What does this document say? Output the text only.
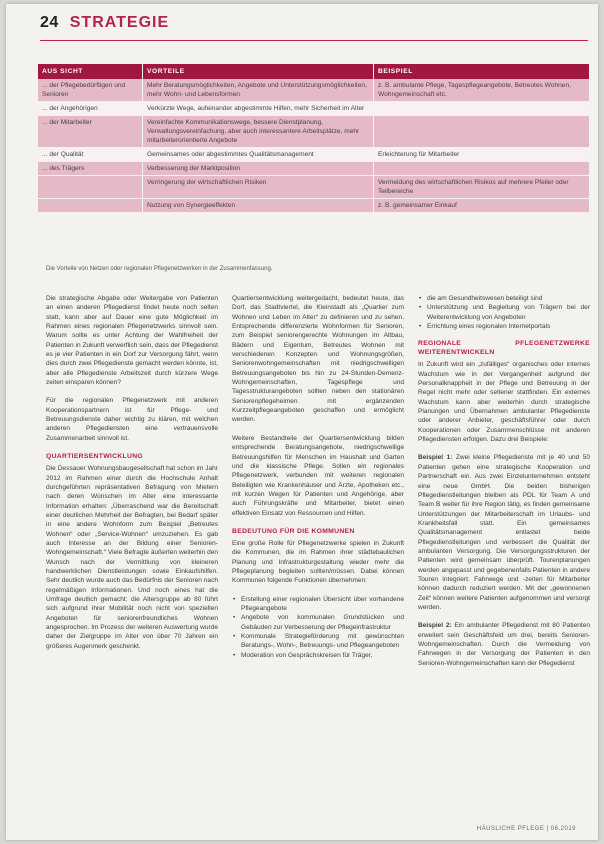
24 STRATEGIE
AUS SICHT	VORTEILE	BEISPIEL
... der Pflegebedürftigen und Senioren	Mehr Beratungsmöglichkeiten, Angebote und Unterstützungsmöglichkeiten, mehr Wohn- und Lebensformen	z. B. ambulante Pflege, Tagespflegeangebote, Betreutes Wohnen, Wohngemeinschaft etc.
... der Angehörigen	Verkürzte Wege, aufeinander abgestimmte Hilfen, mehr Sicherheit im Alter	
... der Mitarbeiter	Vereinfachte Kommunikationswege, bessere Dienstplanung, Verwaltungsvereinfachung, aber auch interessantere Arbeitsplätze, mehr mitarbeiterorientierte Angebote	
... der Qualität	Gemeinsames oder abgestimmtes Qualitätsmanagement	Erleichterung für Mitarbeiter
... des Trägers	Verbesserung der Marktposition	
	Verringerung der wirtschaftlichen Risiken	Vermeidung des wirtschaftlichen Risikos auf mehrere Pfeiler oder Teilbereiche
	Nutzung von Synergieeffekten	z. B. gemeinsamer Einkauf
Die Vorteile von Netzen oder regionalen Pflegenetzwerken in der Zusammenfassung.

Die strategische Abgabe oder Weitergabe von Patienten an einen anderen Pflegedienst findet heute noch selten statt, kann aber auf Dauer eine gute Möglichkeit im Rahmen eines regionalen Pflegenetzwerks sinnvoll sein. Warum sollte es unter Achtung der Wahlfreiheit der Patienten in Zukunft verwerflich sein, dass der Pflegedienst es je vier Patienten in ein Dorf zur Versorgung fährt, wenn dies durch zwei Pflegedienste gemacht werden könnte, ist, aber alle Pflegedienste Arbeitszeit durch kürzere Wege zeiten einsparen können?

Für die regionalen Pflegenetzwerk mit anderen Kooperationspartnern ist für Pflege- und Betreuungsdienste daher wichtig zu klären, mit welchen anderen Pflegediensten eine vertrauensvolle Zusammenarbeit sinnvoll ist.

QUARTIERSENTWICKLUNG

Die Dessauer Wohnungsbaugesellschaft hat schon im Jahr 2012 im Rahmen einer durch die Hochschule Anhalt durchgeführten repräsentativen Befragung von Mietern nach deren Wünschen im Alter eine interessante Information erhalten: „Überraschend war die Bereitschaft einer deutlichen Mehrheit der Befragten, bei Bedarf später in eine andere Wohnform zum Beispiel „Betreutes Wohnen“ oder „Service-Wohnen“ umzuziehen. Es gab auch Interesse an der Bildung einer Senioren-Wohngemeinschaft.“ Viele Befragte äußerten weiterhin den Wunsch nach der Vermittlung von kleineren handwerklichen Dienstleistungen sowie Einkaufshilfen. Sehr deutlich wurde auch das Bedürfnis der Senioren nach regelmäßigen Informationen. Und noch eines hat die Umfrage deutlich gemacht: die Altersgruppe ab 80 führt sich aufgrund ihrer Mobilität noch nicht von speziellen Angeboten für seniorenfreundliches Wohnen angesprochen. Im Prozess der weiteren Auswertung wurde daher der Zielgruppe im Alter von über 70 Jahren ein größeres Augenmerk geschenkt.

Quartiersentwicklung weitergedacht, bedeutet heute, das Dorf, das Stadtviertel, die Kleinstadt als „Quartier zum Wohnen und Leben im Alter“ zu definieren und zu sehen. Entsprechende differenzierte Wohnformen für Senioren, zum Beispiel seniorengerechte Wohnungen im Altbau, Bädern und Eigentum, Betreutes Wohnen mit verschiedenen Konzepten und Wohnungsgrößen, Seniorenwohngemeinschaften mit niedrigschwelligen Betreuungsangeboten bis hin zu 24-Stunden-Demenz-Wohngemeinschaften, Tagespflege und Tagesstrukturangeboten sollten neben den stationären Seniorenpflegeheimen mit ergänzenden Kurzzeitpflegeangeboten geschaffen und ermöglicht werden.

Weitere Bestandteile der Quartiersentwicklung bilden entsprechende Beratungsangebote, niedrigschwellige Betreuungshilfen für Menschen im Haushalt und Garten und die klassische Pflege. Sollen ein regionales Pflegenetzwerk, verbunden mit weiteren regionalen Beteiligten wie Krankenhäuser und Ärzte, Apotheken etc., mit kurzen Wegen für Patienten und Angehörige, aber auch Führungskräfte und Mitarbeiter, bietet einen effektiven Einsatz von Ressourcen und Hilfen.

BEDEUTUNG FÜR DIE KOMMUNEN

Eine große Rolle für Pflegenetzwerke spielen in Zukunft die Kommunen, die im Rahmen ihrer städtebaulichen Planung und Infrastrukturgestaltung wieder mehr die Pflegeplanung begleiten sollten/müssen. Dabei können Kommunen folgende Funktionen übernehmen:

• Erstellung einer regionalen Übersicht über vorhandene Pflegeangebote
• Angebote von kommunalen Grundstücken und Gebäuden zur Verbesserung der Pflegeinfrastruktur
• Kommunale Strategieförderung mit gewünschten Beratungs-, Wohn-, Betreuungs- und Pflegeangeboten
• Moderation von Gesprächskreisen für Träger,
• die am Gesundheitswesen beteiligt sind
• Unterstützung und Begleitung von Trägern bei der Weiterentwicklung von Angeboten
• Errichtung eines regionalen Internetportals
REGIONALE PFLEGENETZWERKE WEITERENTWICKELN

In Zukunft wird ein „zufälliges“ organisches oder internes Wachstum wie in der Vergangenheit aufgrund der Personalknappheit in der Pflege und Betreuung in der Regel nicht mehr oder seltener stattfinden. Ein externes Wachstum kann aber weiterhin durch strategische Planungen und Übernahmen ambulanter Pflegedienste oder anderer Anbieter, geschäftsführer oder durch Kooperationen oder Zusammenschlüsse mit anderen Pflegediensten erfolgen. Dazu drei Beispiele:

Beispiel 1: Zwei kleine Pflegedienste mit je 40 und 50 Patienten gehen eine strategische Kooperation und Partnerschaft ein. Aus zwei Einzelunternehmen entsteht eine neue GmbH. Die beiden bisherigen Pflegedienstleitungen bleiben als PDL für Team A und Team B weiter für ihre Region tätig, es finden gemeinsame Unterstützungen der Mitarbeiterschaft im Urlaubs- und Krankheitsfall statt. Ein gemeinsames Qualitätsmanagement entlastet beide Pflegedienstleitungen und verbessert die Qualität der ambulanten Versorgung. Die Versorgungsstrukturen der Patienten wird gemeinsam überprüft. Tourenplanungen werden angepasst und gegebenenfalls Patienten in andere Touren integriert. Fahrwege und -zeiten für Mitarbeiter können dadurch reduziert werden. Mit der „gewonnenen Zeit“ können weitere Patienten aufgenommen und versorgt werden.

Beispiel 2: Ein ambulanter Pflegedienst mit 80 Patienten erweitert sein Geschäftsfeld um drei, bereits Senioren-Wohngemeinschaften. Durch die Vermeidung von Fahrwegen in der Versorgung der Patienten in den Senioren-Wohngemeinschaften kann der Pflegedienst

HÄUSLICHE PFLEGE | 06.2019
